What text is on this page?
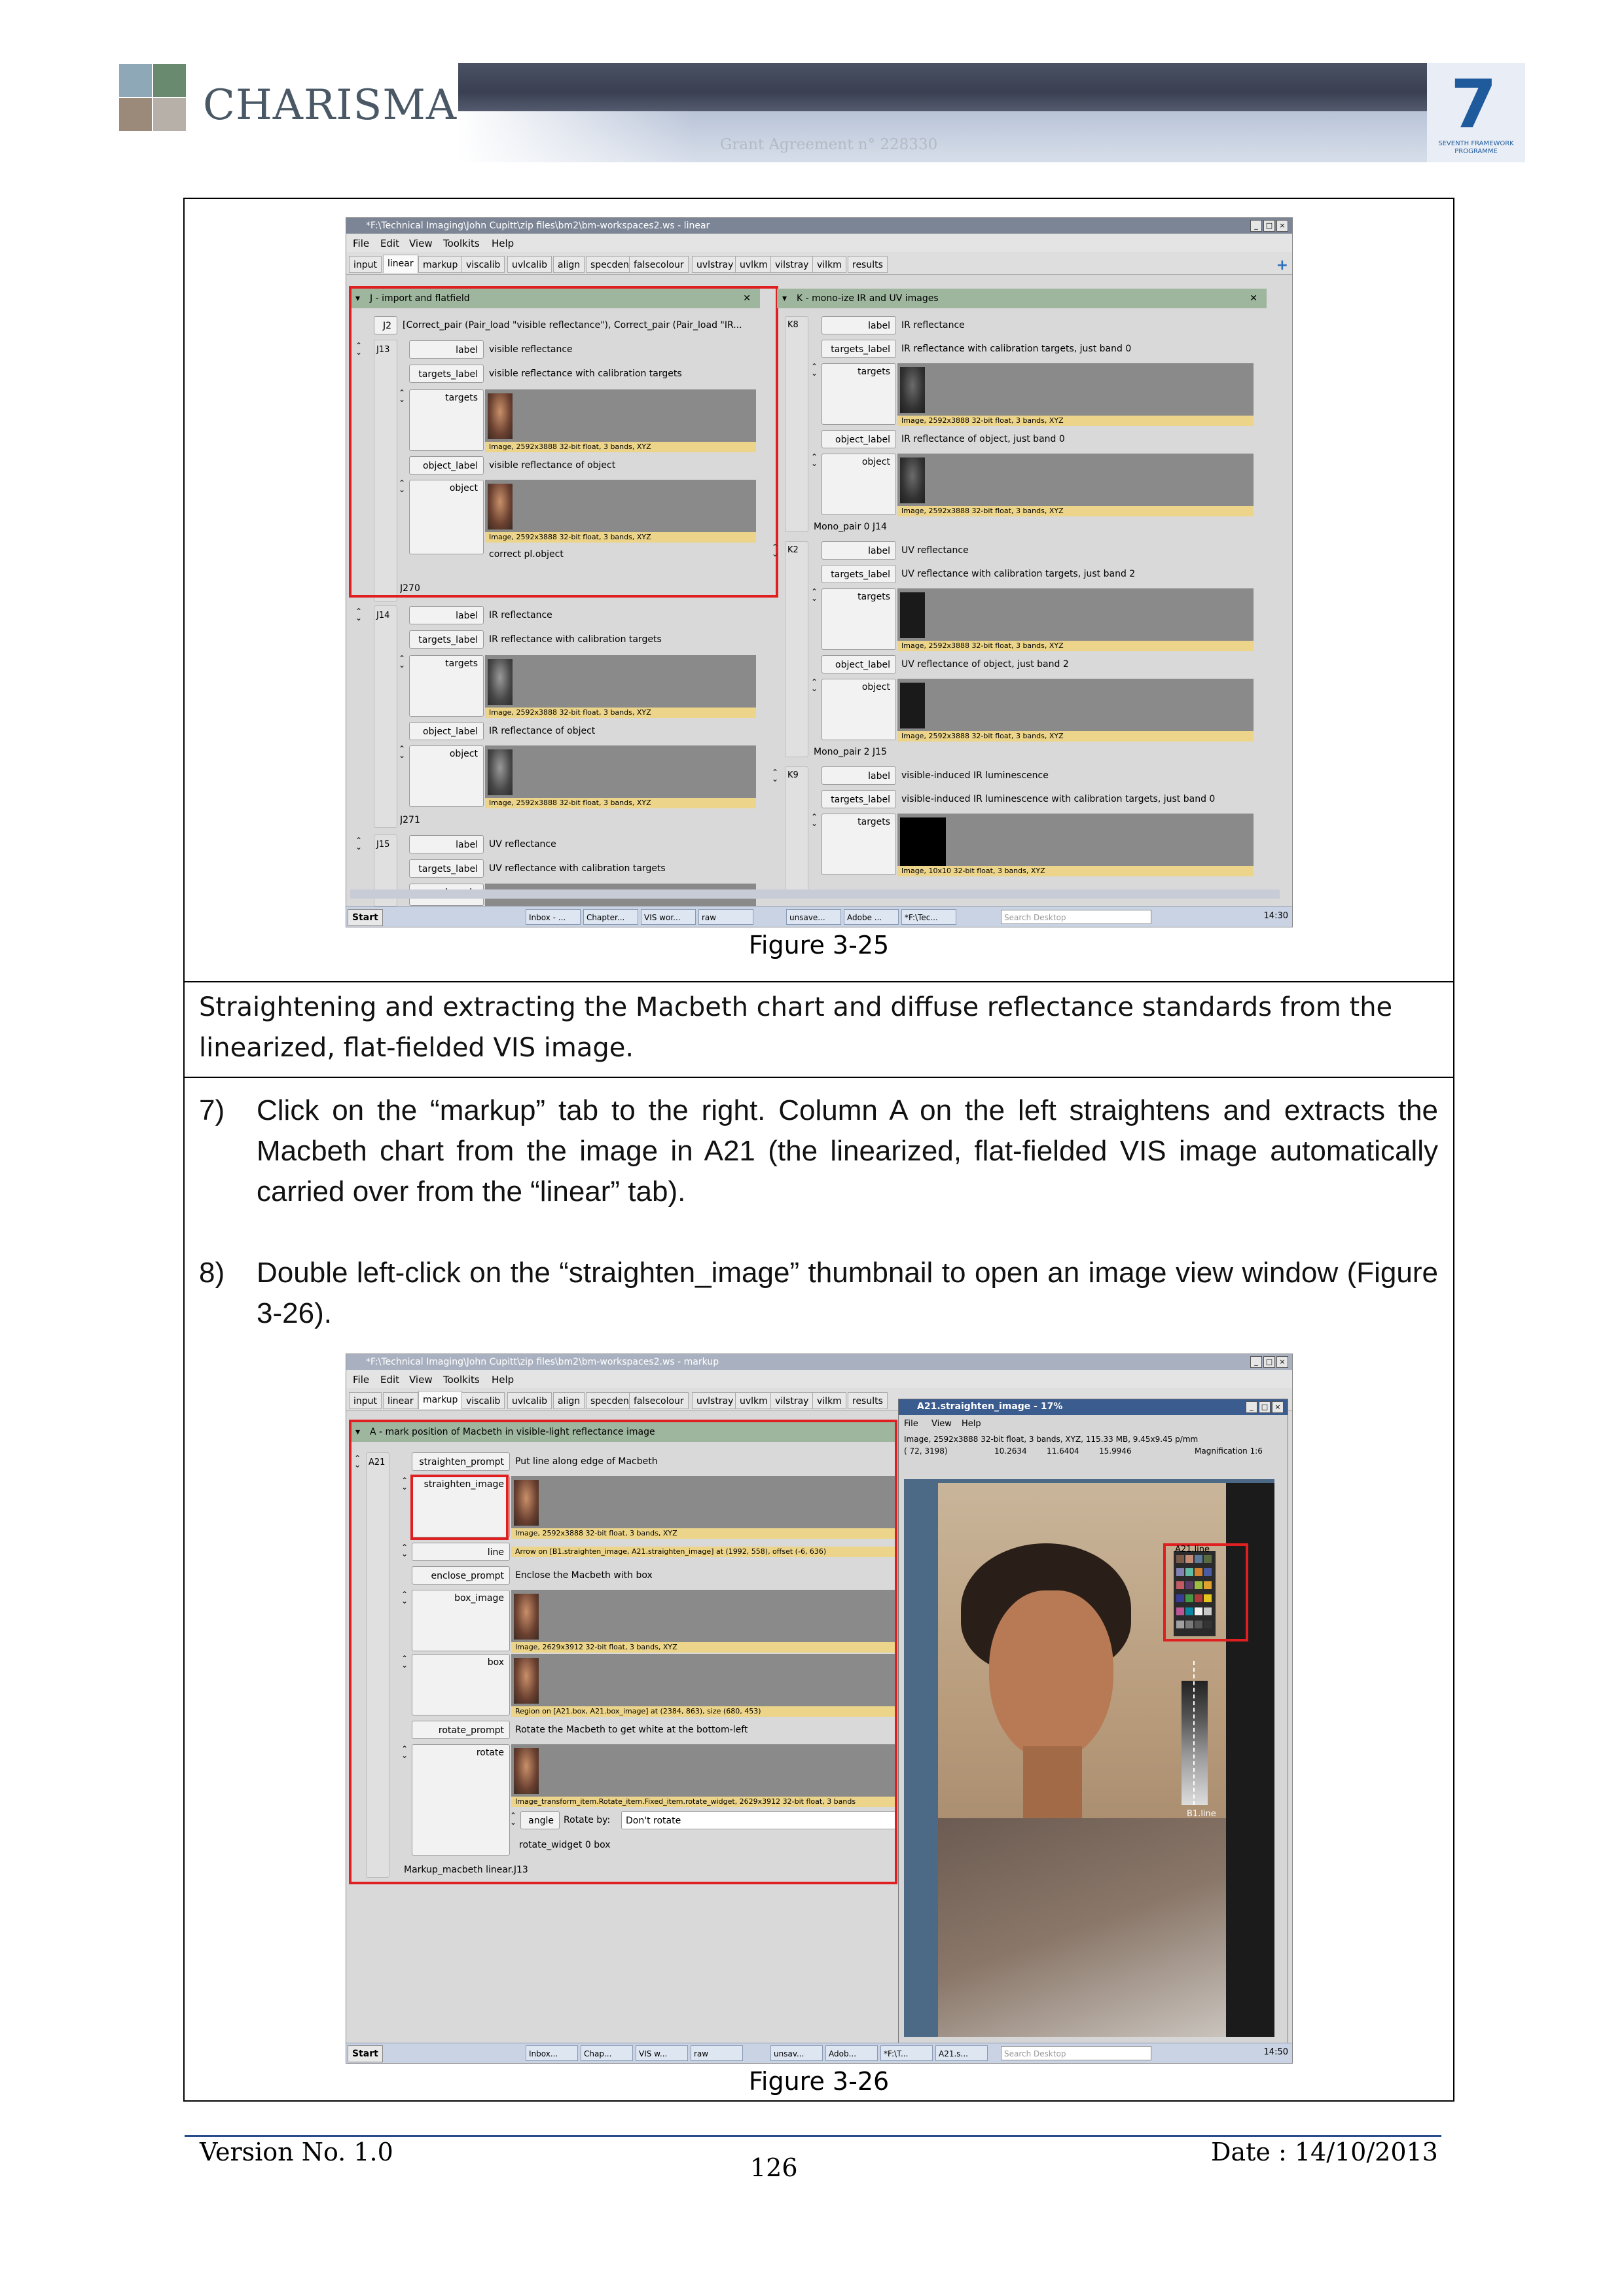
CHARISMA
Grant Agreement n° 228330
7
SEVENTH FRAMEWORK PROGRAMME
*F:\Technical Imaging\John Cupitt\zip files\bm2\bm-workspaces2.ws - linear	_	□ ×
File Edit View Toolkits Help
input	linear	markup viscalib	uvlcalib	align	specden falsecolour	uvlstray uvlkm vilstray vilkm	results	+
▾ J - import and flatfield	✕
J2	[Correct_pair (Pair_load "visible reflectance"), Correct_pair (Pair_load "IR...
⌃
⌄ J13	label	visible reflectance
targets_label	visible reflectance with calibration targets
⌃
⌄	targets
Image, 2592x3888 32-bit float, 3 bands, XYZ
object_label	visible reflectance of object
⌃
⌄	object
Image, 2592x3888 32-bit float, 3 bands, XYZ
correct pl.object
J270
⌃
⌄ J14	label	IR reflectance
targets_label	IR reflectance with calibration targets
⌃
⌄	targets
Image, 2592x3888 32-bit float, 3 bands, XYZ
object_label	IR reflectance of object
⌃
⌄	object
Image, 2592x3888 32-bit float, 3 bands, XYZ
J271
⌃
⌄ J15	label	UV reflectance
targets_label	UV reflectance with calibration targets
▾ K - mono-ize IR and UV images	✕
K8	label	IR reflectance
targets_label	IR reflectance with calibration targets, just band 0
⌃
⌄	targets
Image, 2592x3888 32-bit float, 3 bands, XYZ
object_label	IR reflectance of object, just band 0
⌃
⌄	object
Image, 2592x3888 32-bit float, 3 bands, XYZ
Mono_pair 0 J14
⌃
⌄ K2	label	UV reflectance
targets_label	UV reflectance with calibration targets, just band 2
⌃
⌄	targets
Image, 2592x3888 32-bit float, 3 bands, XYZ
object_label	UV reflectance of object, just band 2
⌃
⌄	object
Image, 2592x3888 32-bit float, 3 bands, XYZ
Mono_pair 2 J15
⌃
⌄ K9	label	visible-induced IR luminescence
targets_label	visible-induced IR luminescence with calibration targets, just band 0
⌃
⌄	targets
Image, 10x10 32-bit float, 3 bands, XYZ
Start	Inbox - ...	Chapter...	VIS wor...	raw	unsave...	Adobe ...	*F:\Tec...	Search Desktop	14:30
Figure 3-25
Straightening and extracting the Macbeth chart and diffuse reflectance standards from the linearized, flat-fielded VIS image.
7) Click on the “markup” tab to the right. Column A on the left straightens and extracts the Macbeth chart from the image in A21 (the linearized, flat-fielded VIS image automatically carried over from the “linear” tab).
8) Double left-click on the “straighten_image” thumbnail to open an image view window (Figure 3-26).
*F:\Technical Imaging\John Cupitt\zip files\bm2\bm-workspaces2.ws - markup	_	□ ×
File Edit View Toolkits Help
input	linear	markup viscalib	uvlcalib	align	specden falsecolour	uvlstray uvlkm vilstray vilkm	results
▾ A - mark position of Macbeth in visible-light reflectance image
⌃
⌄ A21	straighten_prompt	Put line along edge of Macbeth
⌃
⌄	straighten_image
Image, 2592x3888 32-bit float, 3 bands, XYZ
⌃
⌄	line	Arrow on [B1.straighten_image, A21.straighten_image] at (1992, 558), offset (-6, 636)
enclose_prompt	Enclose the Macbeth with box
⌃
⌄	box_image
Image, 2629x3912 32-bit float, 3 bands, XYZ
⌃
⌄	box
Region on [A21.box, A21.box_image] at (2384, 863), size (680, 453)
rotate_prompt	Rotate the Macbeth to get white at the bottom-left
⌃
⌄	rotate
Image_transform_item.Rotate_item.Fixed_item.rotate_widget, 2629x3912 32-bit float, 3 bands
⌃
⌄	angle	Rotate by:	Don't rotate
rotate_widget 0 box
Markup_macbeth linear.J13
A21.straighten_image - 17%	_	□ ×
File View Help
Image, 2592x3888 32-bit float, 3 bands, XYZ, 115.33 MB, 9.45x9.45 p/mm
( 72, 3198)	10.2634	11.6404	15.9946	Magnification 1:6
A21.line
B1.line
Start	Inbox...	Chap...	VIS w...	raw	unsav...	Adob...	*F:\T...	A21.s...	Search Desktop	14:50
Figure 3-26
Version No. 1.0
126
Date : 14/10/2013
